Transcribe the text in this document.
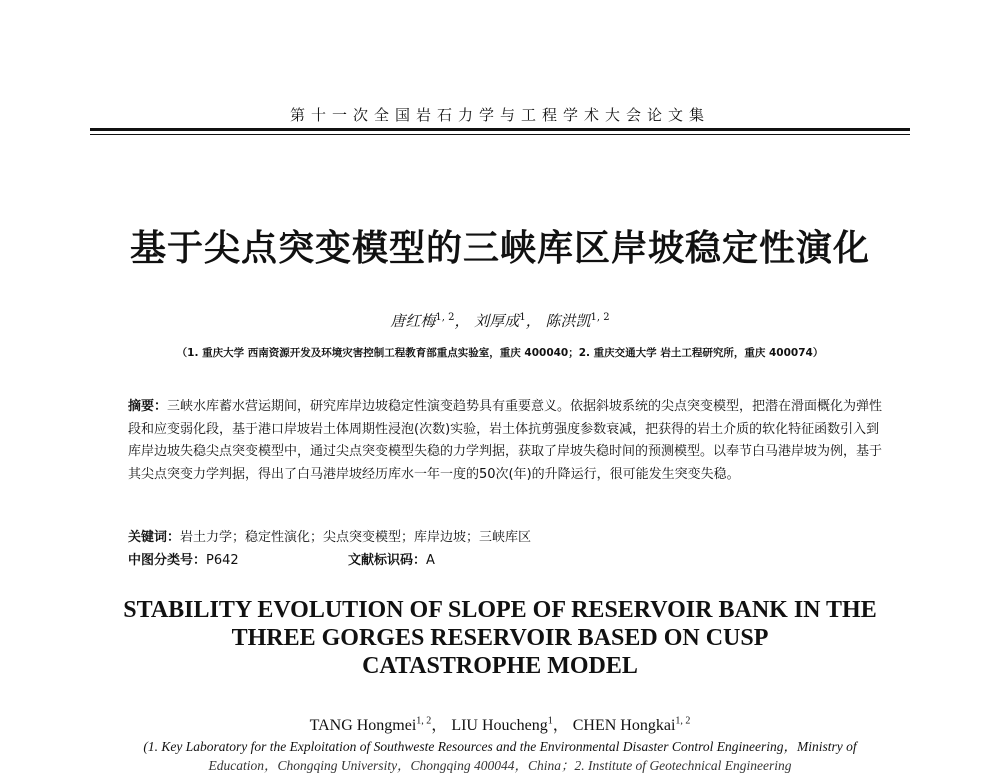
第十一次全国岩石力学与工程学术大会论文集
基于尖点突变模型的三峡库区岸坡稳定性演化
唐红梅$^{1, 2}$， 刘厚成$^1$， 陈洪凯$^{1, 2}$
（1. 重庆大学 西南资源开发及环境灾害控制工程教育部重点实验室，重庆 400040；2. 重庆交通大学 岩土工程研究所，重庆 400074）
摘要：三峡水库蓄水营运期间，研究库岸边坡稳定性演变趋势具有重要意义。依据斜坡系统的尖点突变模型，把潜在滑面概化为弹性段和应变弱化段，基于港口岸坡岩土体周期性浸泡(次数)实验，岩土体抗剪强度参数衰减，把获得的岩土介质的软化特征函数引入到库岸边坡失稳尖点突变模型中，通过尖点突变模型失稳的力学判据，获取了岸坡失稳时间的预测模型。以奉节白马港岸坡为例，基于其尖点突变力学判据，得出了白马港岸坡经历库水一年一度的50次(年)的升降运行，很可能发生突变失稳。
关键词：岩土力学；稳定性演化；尖点突变模型；库岸边坡；三峡库区
中图分类号：P642	文献标识码：A
STABILITY EVOLUTION OF SLOPE OF RESERVOIR BANK IN THE
THREE GORGES RESERVOIR BASED ON CUSP
CATASTROPHE MODEL
TANG Hongmei$^{1, 2}$， LIU Houcheng$^1$， CHEN Hongkai$^{1, 2}$
(1. Key Laboratory for the Exploitation of Southweste Resources and the Environmental Disaster Control Engineering，Ministry of
Education，Chongqing University，Chongqing 400044，China；2. Institute of Geotechnical Engineering
